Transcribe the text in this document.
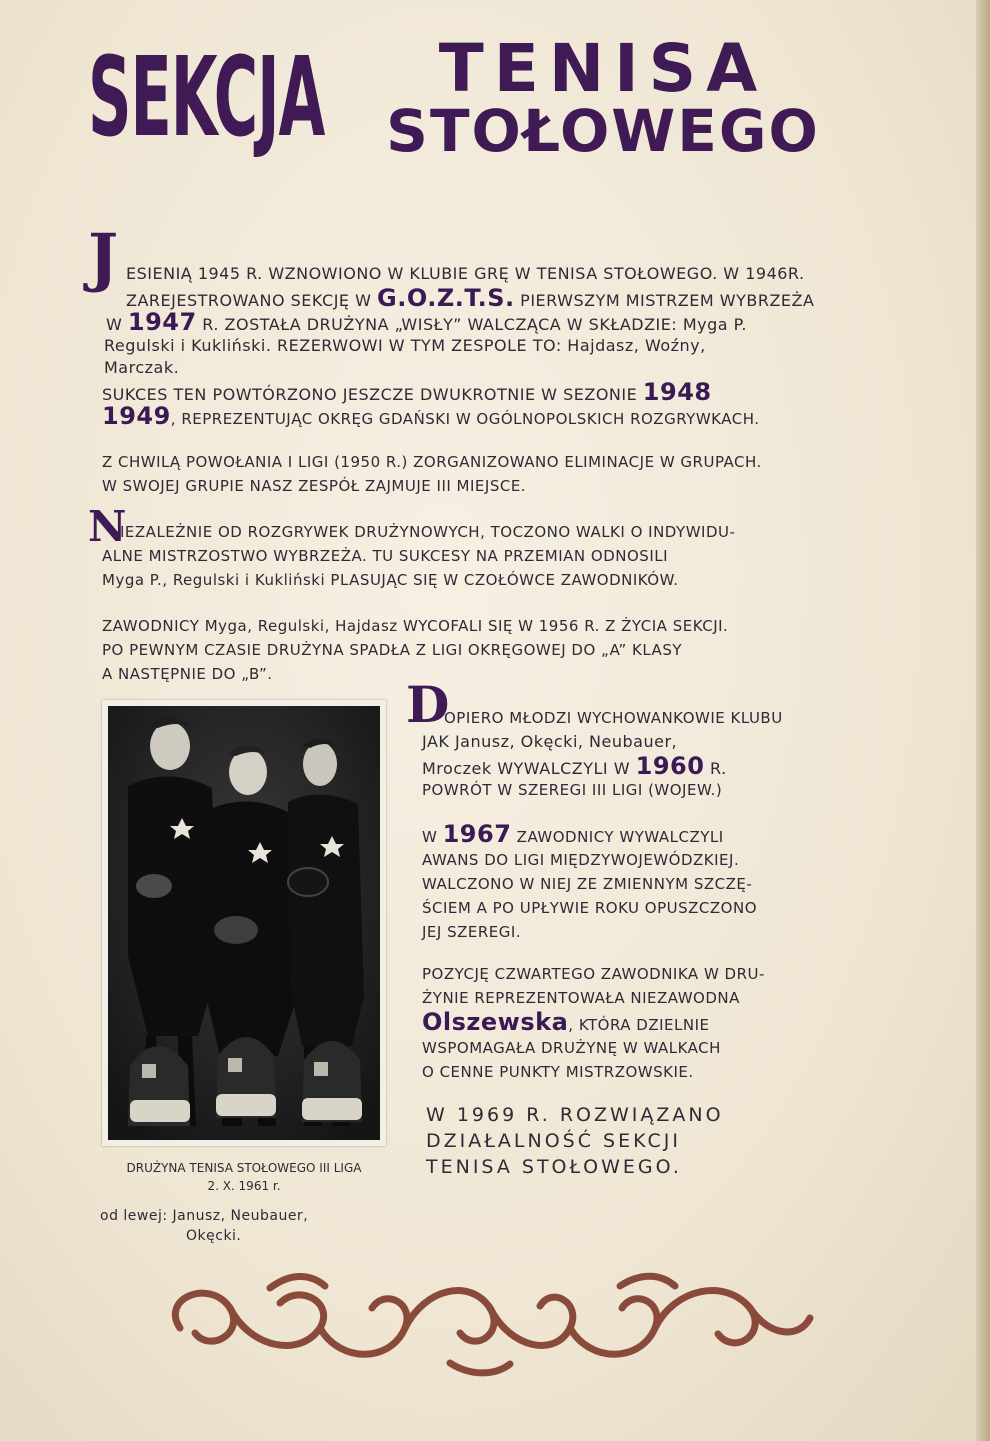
SEKCJA	TENISA
STOŁOWEGO
J ESIENIĄ 1945 R. WZNOWIONO W KLUBIE GRĘ W TENISA STOŁOWEGO. W 1946R.
ZAREJESTROWANO SEKCJĘ W G.O.Z.T.S. PIERWSZYM MISTRZEM WYBRZEŻA
W 1947 R. ZOSTAŁA DRUŻYNA „WISŁY” WALCZĄCA W SKŁADZIE: Myga P.
Regulski i Kukliński. REZERWOWI W TYM ZESPOLE TO: Hajdasz, Woźny,
Marczak.
SUKCES TEN POWTÓRZONO JESZCZE DWUKROTNIE W SEZONIE 1948
1949, REPREZENTUJĄC OKRĘG GDAŃSKI W OGÓLNOPOLSKICH ROZGRYWKACH.
Z CHWILĄ POWOŁANIA I LIGI (1950 R.) ZORGANIZOWANO ELIMINACJE W GRUPACH.
W SWOJEJ GRUPIE NASZ ZESPÓŁ ZAJMUJE III MIEJSCE.
N
IEZALEŻNIE OD ROZGRYWEK DRUŻYNOWYCH, TOCZONO WALKI O INDYWIDU-
ALNE MISTRZOSTWO WYBRZEŻA. TU SUKCESY NA PRZEMIAN ODNOSILI
Myga P., Regulski i Kukliński PLASUJĄC SIĘ W CZOŁÓWCE ZAWODNIKÓW.
ZAWODNICY Myga, Regulski, Hajdasz WYCOFALI SIĘ W 1956 R. Z ŻYCIA SEKCJI.
PO PEWNYM CZASIE DRUŻYNA SPADŁA Z LIGI OKRĘGOWEJ DO „A” KLASY
A NASTĘPNIE DO „B”.
DRUŻYNA TENISA STOŁOWEGO III LIGA
2. X. 1961 r.
od lewej: Janusz, Neubauer,
Okęcki.
D
OPIERO MŁODZI WYCHOWANKOWIE KLUBU
JAK Janusz, Okęcki, Neubauer,
Mroczek WYWALCZYLI W 1960 R.
POWRÓT W SZEREGI III LIGI (WOJEW.)
W 1967 ZAWODNICY WYWALCZYLI
AWANS DO LIGI MIĘDZYWOJEWÓDZKIEJ.
WALCZONO W NIEJ ZE ZMIENNYM SZCZĘ-
ŚCIEM A PO UPŁYWIE ROKU OPUSZCZONO
JEJ SZEREGI.
POZYCJĘ CZWARTEGO ZAWODNIKA W DRU-
ŻYNIE REPREZENTOWAŁA NIEZAWODNA
Olszewska, KTÓRA DZIELNIE
WSPOMAGAŁA DRUŻYNĘ W WALKACH
O CENNE PUNKTY MISTRZOWSKIE.
W 1969 R. ROZWIĄZANO
DZIAŁALNOŚĆ SEKCJI
TENISA STOŁOWEGO.
